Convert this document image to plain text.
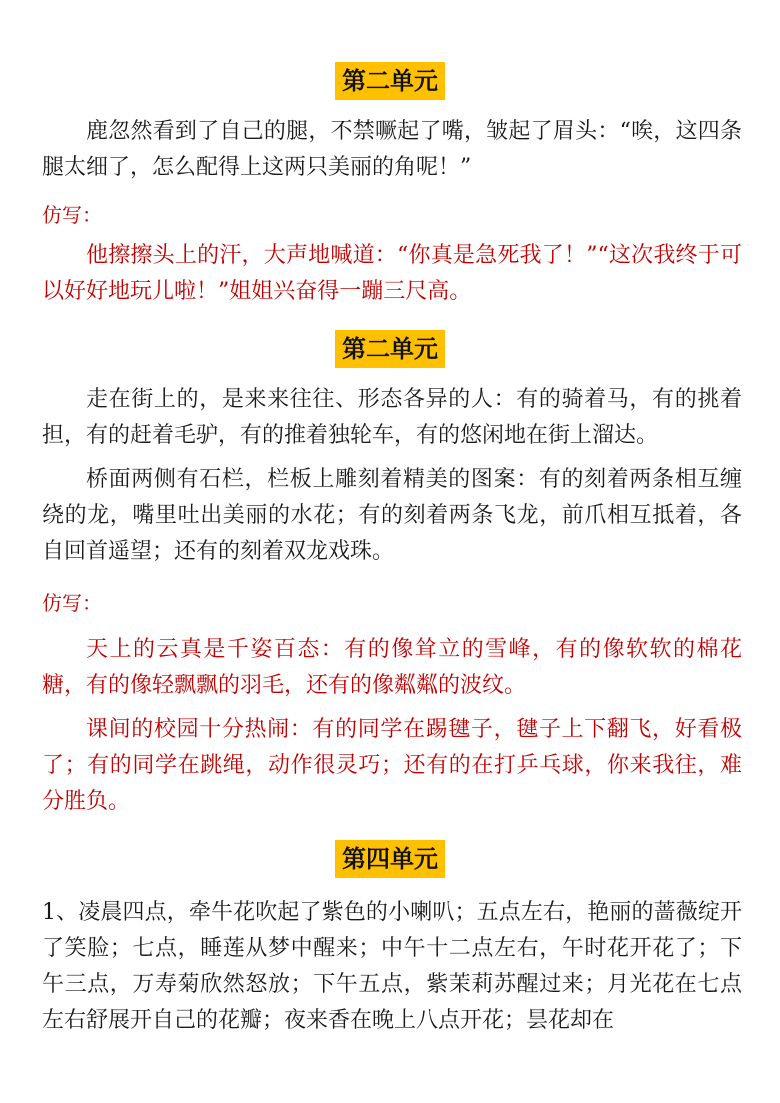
第二单元

鹿忽然看到了自己的腿，不禁噘起了嘴，皱起了眉头：“唉，这四条腿太细了，怎么配得上这两只美丽的角呢！”

仿写：

他擦擦头上的汗，大声地喊道：“你真是急死我了！”“这次我终于可以好好地玩儿啦！”姐姐兴奋得一蹦三尺高。

第二单元

走在街上的，是来来往往、形态各异的人：有的骑着马，有的挑着担，有的赶着毛驴，有的推着独轮车，有的悠闲地在街上溜达。

桥面两侧有石栏，栏板上雕刻着精美的图案：有的刻着两条相互缠绕的龙，嘴里吐出美丽的水花；有的刻着两条飞龙，前爪相互抵着，各自回首遥望；还有的刻着双龙戏珠。

仿写：

天上的云真是千姿百态：有的像耸立的雪峰，有的像软软的棉花糖，有的像轻飘飘的羽毛，还有的像粼粼的波纹。

课间的校园十分热闹：有的同学在踢毽子，毽子上下翻飞，好看极了；有的同学在跳绳，动作很灵巧；还有的在打乒乓球，你来我往，难分胜负。

第四单元

1、凌晨四点，牵牛花吹起了紫色的小喇叭；五点左右，艳丽的蔷薇绽开了笑脸；七点，睡莲从梦中醒来；中午十二点左右，午时花开花了；下午三点，万寿菊欣然怒放；下午五点，紫茉莉苏醒过来；月光花在七点左右舒展开自己的花瓣；夜来香在晚上八点开花；昙花却在
